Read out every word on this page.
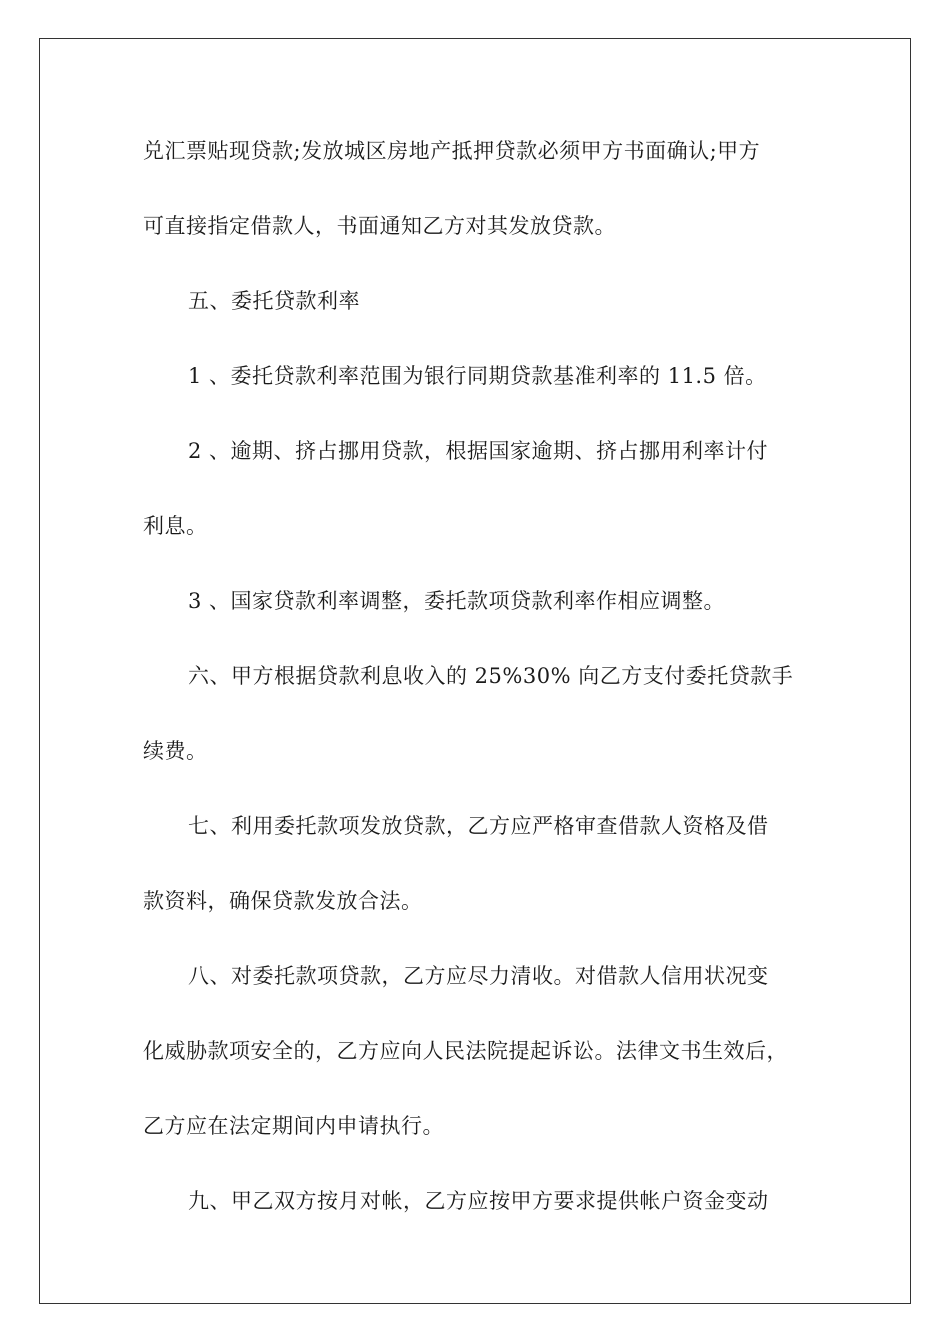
兑汇票贴现贷款;发放城区房地产抵押贷款必须甲方书面确认;甲方
可直接指定借款人，书面通知乙方对其发放贷款。
五、委托贷款利率
1 、委托贷款利率范围为银行同期贷款基准利率的 11.5 倍。
2 、逾期、挤占挪用贷款，根据国家逾期、挤占挪用利率计付
利息。
3 、国家贷款利率调整，委托款项贷款利率作相应调整。
六、甲方根据贷款利息收入的 25%30% 向乙方支付委托贷款手
续费。
七、利用委托款项发放贷款，乙方应严格审查借款人资格及借
款资料，确保贷款发放合法。
八、对委托款项贷款，乙方应尽力清收。对借款人信用状况变
化威胁款项安全的，乙方应向人民法院提起诉讼。法律文书生效后，
乙方应在法定期间内申请执行。
九、甲乙双方按月对帐，乙方应按甲方要求提供帐户资金变动
